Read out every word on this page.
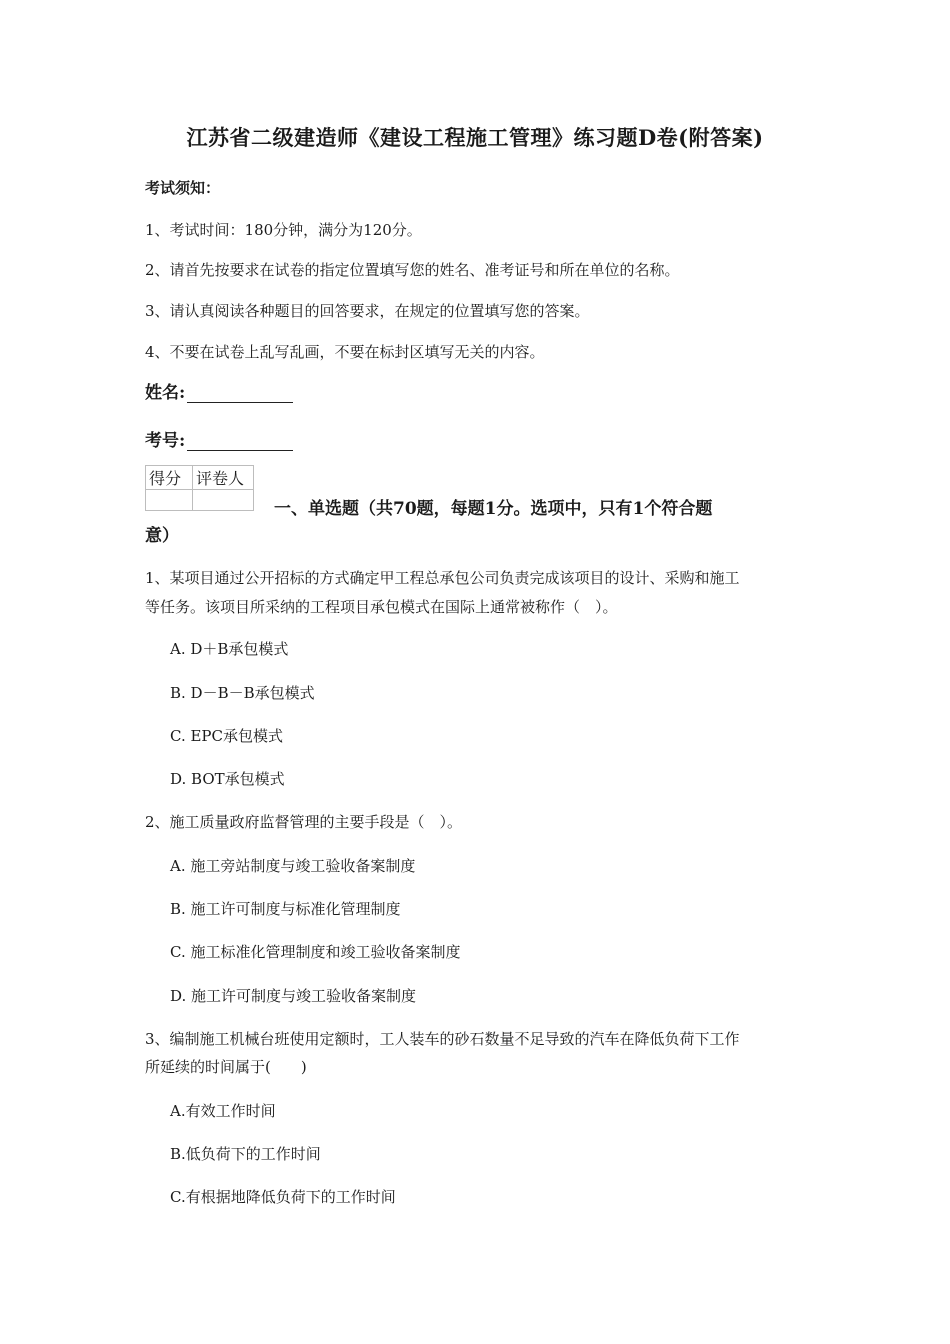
江苏省二级建造师《建设工程施工管理》练习题D卷(附答案)
考试须知：
1、考试时间：180分钟，满分为120分。
2、请首先按要求在试卷的指定位置填写您的姓名、准考证号和所在单位的名称。
3、请认真阅读各种题目的回答要求，在规定的位置填写您的答案。
4、不要在试卷上乱写乱画，不要在标封区填写无关的内容。
姓名:
考号:
得分	评卷人

一、单选题（共70题，每题1分。选项中，只有1个符合题
意）
1、某项目通过公开招标的方式确定甲工程总承包公司负责完成该项目的设计、采购和施工
等任务。该项目所采纳的工程项目承包模式在国际上通常被称作（　）。
A. D＋B承包模式
B. D－B－B承包模式
C. EPC承包模式
D. BOT承包模式
2、施工质量政府监督管理的主要手段是（　）。
A. 施工旁站制度与竣工验收备案制度
B. 施工许可制度与标准化管理制度
C. 施工标准化管理制度和竣工验收备案制度
D. 施工许可制度与竣工验收备案制度
3、编制施工机械台班使用定额时，工人装车的砂石数量不足导致的汽车在降低负荷下工作
所延续的时间属于(　　)
A.有效工作时间
B.低负荷下的工作时间
C.有根据地降低负荷下的工作时间
